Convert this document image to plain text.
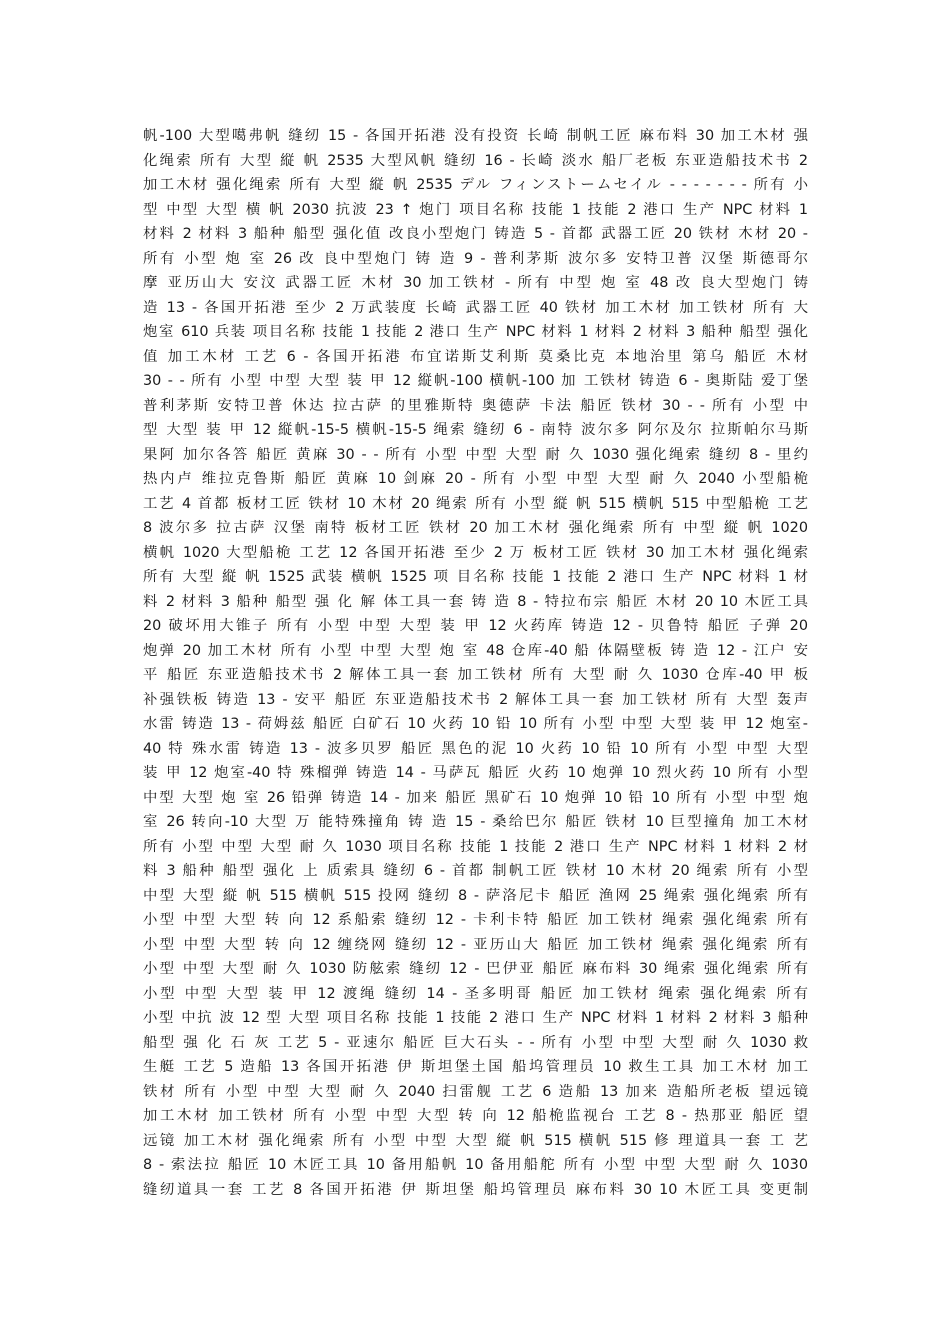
帆-100 大型噶弗帆 缝纫 15 - 各国开拓港 没有投资 长崎 制帆工匠 麻布料 30 加工木材 强
化绳索 所有 大型 縦 帆 2535 大型风帆 缝纫 16 - 长崎 淡水 船厂老板 东亚造船技术书 2
加工木材 强化绳索 所有 大型 縦 帆 2535 デル フィンストームセイル - - - - - - - 所有 小
型 中型 大型 横 帆 2030 抗波 23 ↑ 炮门 项目名称 技能 1 技能 2 港口 生产 NPC 材料 1
材料 2 材料 3 船种 船型 强化值 改良小型炮门 铸造 5 - 首都 武器工匠 20 铁材 木材 20 -
所有 小型 炮 室 26 改 良中型炮门 铸 造 9 - 普利茅斯 波尔多 安特卫普 汉堡 斯德哥尔
摩 亚历山大 安汶 武器工匠 木材 30 加工铁材 - 所有 中型 炮 室 48 改 良大型炮门 铸
造 13 - 各国开拓港 至少 2 万武装度 长崎 武器工匠 40 铁材 加工木材 加工铁材 所有 大
炮室 610 兵装 项目名称 技能 1 技能 2 港口 生产 NPC 材料 1 材料 2 材料 3 船种 船型 强化
值 加工木材 工艺 6 - 各国开拓港 布宜诺斯艾利斯 莫桑比克 本地治里 第乌 船匠 木材
30 - - 所有 小型 中型 大型 装 甲 12 縦帆-100 横帆-100 加 工铁材 铸造 6 - 奥斯陆 爱丁堡
普利茅斯 安特卫普 休达 拉古萨 的里雅斯特 奥德萨 卡法 船匠 铁材 30 - - 所有 小型 中
型 大型 装 甲 12 縦帆-15-5 横帆-15-5 绳索 缝纫 6 - 南特 波尔多 阿尔及尔 拉斯帕尔马斯
果阿 加尔各答 船匠 黄麻 30 - - 所有 小型 中型 大型 耐 久 1030 强化绳索 缝纫 8 - 里约
热内卢 维拉克鲁斯 船匠 黄麻 10 剑麻 20 - 所有 小型 中型 大型 耐 久 2040 小型船桅
工艺 4 首都 板材工匠 铁材 10 木材 20 绳索 所有 小型 縦 帆 515 横帆 515 中型船桅 工艺
8 波尔多 拉古萨 汉堡 南特 板材工匠 铁材 20 加工木材 强化绳索 所有 中型 縦 帆 1020
横帆 1020 大型船桅 工艺 12 各国开拓港 至少 2 万 板材工匠 铁材 30 加工木材 强化绳索
所有 大型 縦 帆 1525 武装 横帆 1525 项 目名称 技能 1 技能 2 港口 生产 NPC 材料 1 材
料 2 材料 3 船种 船型 强 化 解 体工具一套 铸 造 8 - 特拉布宗 船匠 木材 20 10 木匠工具
20 破坏用大锥子 所有 小型 中型 大型 装 甲 12 火药库 铸造 12 - 贝鲁特 船匠 子弹 20
炮弹 20 加工木材 所有 小型 中型 大型 炮 室 48 仓库-40 船 体隔壁板 铸 造 12 - 江户 安
平 船匠 东亚造船技术书 2 解体工具一套 加工铁材 所有 大型 耐 久 1030 仓库-40 甲 板
补强铁板 铸造 13 - 安平 船匠 东亚造船技术书 2 解体工具一套 加工铁材 所有 大型 轰声
水雷 铸造 13 - 荷姆兹 船匠 白矿石 10 火药 10 铅 10 所有 小型 中型 大型 装 甲 12 炮室-
40 特 殊水雷 铸造 13 - 波多贝罗 船匠 黑色的泥 10 火药 10 铅 10 所有 小型 中型 大型
装 甲 12 炮室-40 特 殊榴弹 铸造 14 - 马萨瓦 船匠 火药 10 炮弹 10 烈火药 10 所有 小型
中型 大型 炮 室 26 铅弹 铸造 14 - 加来 船匠 黑矿石 10 炮弹 10 铅 10 所有 小型 中型 炮
室 26 转向-10 大型 万 能特殊撞角 铸 造 15 - 桑给巴尔 船匠 铁材 10 巨型撞角 加工木材
所有 小型 中型 大型 耐 久 1030 项目名称 技能 1 技能 2 港口 生产 NPC 材料 1 材料 2 材
料 3 船种 船型 强化 上 质索具 缝纫 6 - 首都 制帆工匠 铁材 10 木材 20 绳索 所有 小型
中型 大型 縦 帆 515 横帆 515 投网 缝纫 8 - 萨洛尼卡 船匠 渔网 25 绳索 强化绳索 所有
小型 中型 大型 转 向 12 系船索 缝纫 12 - 卡利卡特 船匠 加工铁材 绳索 强化绳索 所有
小型 中型 大型 转 向 12 缠绕网 缝纫 12 - 亚历山大 船匠 加工铁材 绳索 强化绳索 所有
小型 中型 大型 耐 久 1030 防舷索 缝纫 12 - 巴伊亚 船匠 麻布料 30 绳索 强化绳索 所有
小型 中型 大型 装 甲 12 渡绳 缝纫 14 - 圣多明哥 船匠 加工铁材 绳索 强化绳索 所有
小型 中抗 波 12 型 大型 项目名称 技能 1 技能 2 港口 生产 NPC 材料 1 材料 2 材料 3 船种
船型 强 化 石 灰 工艺 5 - 亚速尔 船匠 巨大石头 - - 所有 小型 中型 大型 耐 久 1030 救
生艇 工艺 5 造船 13 各国开拓港 伊 斯坦堡土国 船坞管理员 10 救生工具 加工木材 加工
铁材 所有 小型 中型 大型 耐 久 2040 扫雷舰 工艺 6 造船 13 加来 造船所老板 望远镜
加工木材 加工铁材 所有 小型 中型 大型 转 向 12 船桅监视台 工艺 8 - 热那亚 船匠 望
远镜 加工木材 强化绳索 所有 小型 中型 大型 縦 帆 515 横帆 515 修 理道具一套 工 艺
8 - 索法拉 船匠 10 木匠工具 10 备用船帆 10 备用船舵 所有 小型 中型 大型 耐 久 1030
缝纫道具一套 工艺 8 各国开拓港 伊 斯坦堡 船坞管理员 麻布料 30 10 木匠工具 变更制
